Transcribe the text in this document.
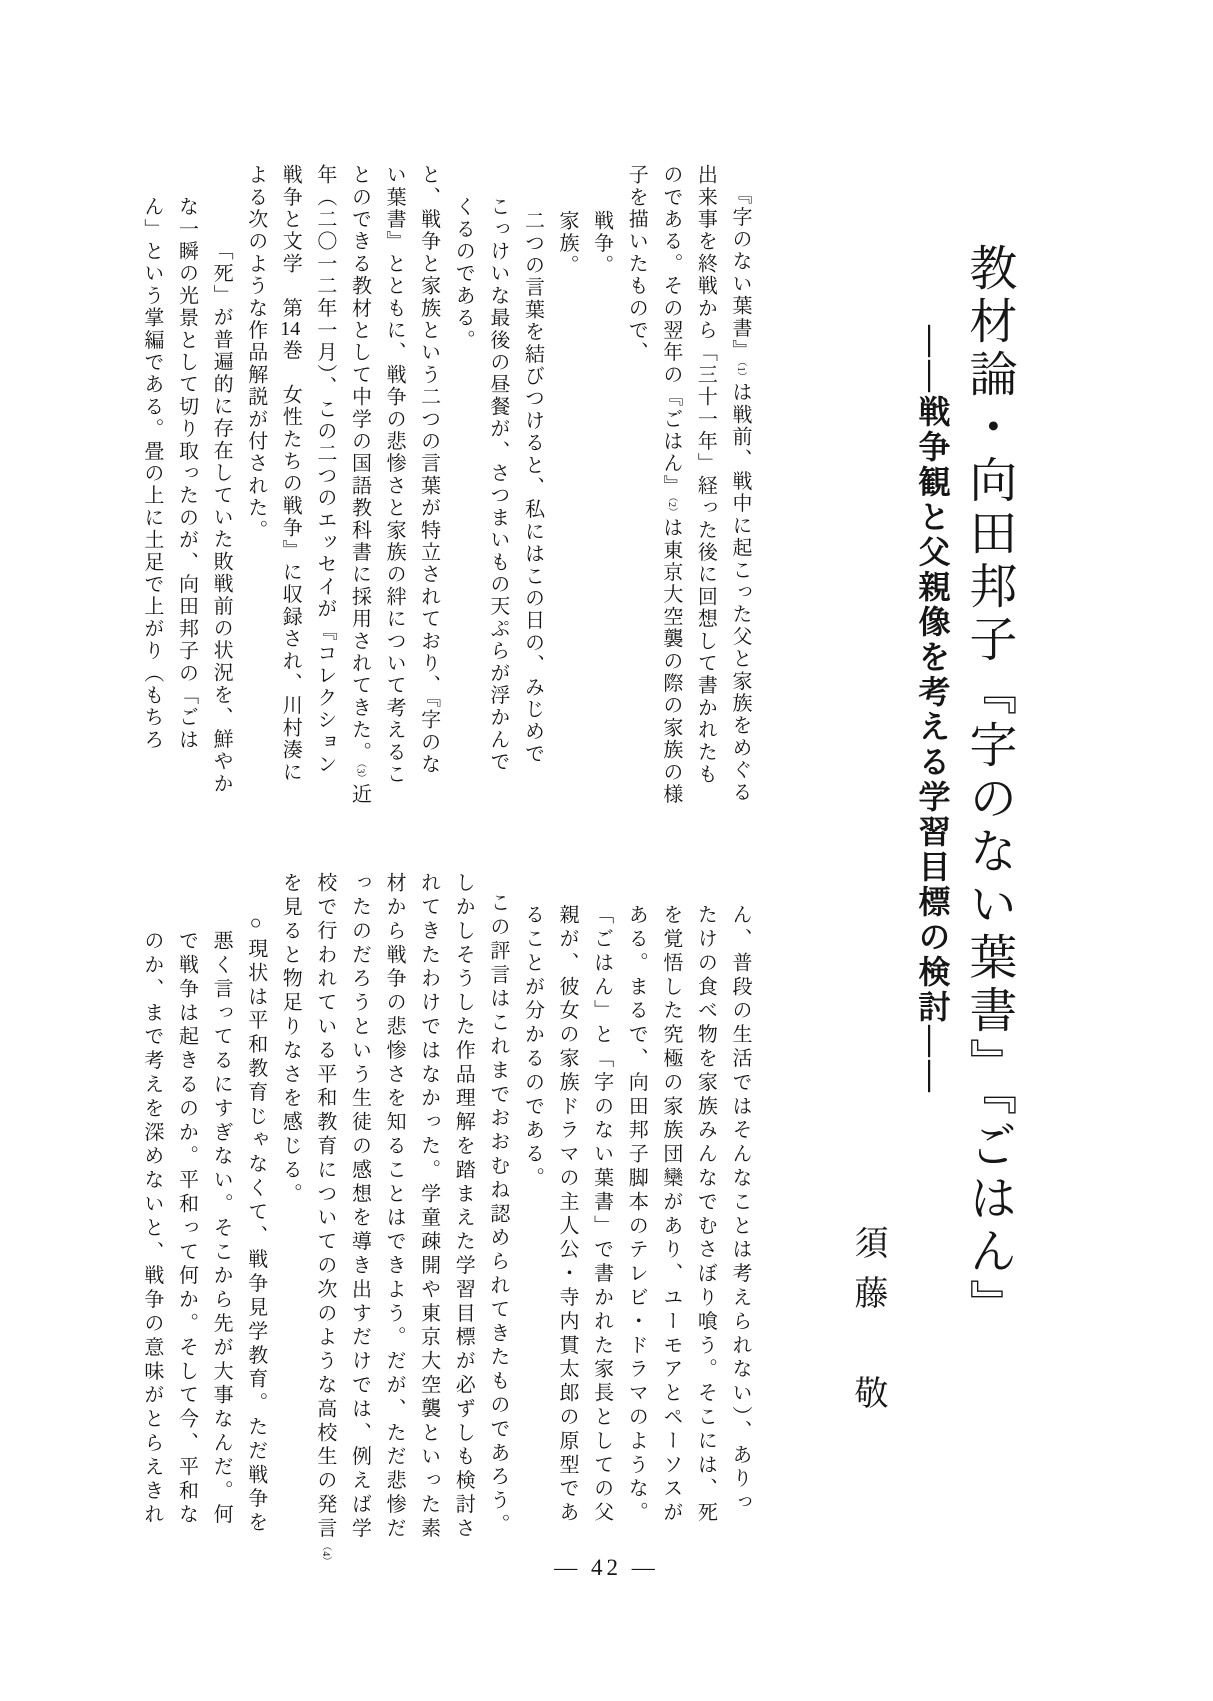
教材論・向田邦子『字のない葉書』『ごはん』
――戦争観と父親像を考える学習目標の検討――
須藤　敬

『字のない葉書』（1）は戦前、戦中に起こった父と家族をめぐる

出来事を終戦から「三十一年」経った後に回想して書かれたも

のである。その翌年の『ごはん』（2）は東京大空襲の際の家族の様

子を描いたもので、

戦争。

家族。

二つの言葉を結びつけると、私にはこの日の、みじめで

こっけいな最後の昼餐が、さつまいもの天ぷらが浮かんで

くるのである。

と、戦争と家族という二つの言葉が特立されており、『字のな

い葉書』とともに、戦争の悲惨さと家族の絆について考えるこ

とのできる教材として中学の国語教科書に採用されてきた。（3）近

年（二〇一二年一月）、この二つのエッセイが『コレクション

戦争と文学　第14巻　女性たちの戦争』に収録され、川村湊に

よる次のような作品解説が付された。

「死」が普遍的に存在していた敗戦前の状況を、鮮やか

な一瞬の光景として切り取ったのが、向田邦子の「ごは

ん」という掌編である。畳の上に土足で上がり（もちろ

ん、普段の生活ではそんなことは考えられない）、ありっ

たけの食べ物を家族みんなでむさぼり喰う。そこには、死

を覚悟した究極の家族団欒があり、ユーモアとペーソスが

ある。まるで、向田邦子脚本のテレビ・ドラマのような。

「ごはん」と「字のない葉書」で書かれた家長としての父

親が、彼女の家族ドラマの主人公・寺内貫太郎の原型であ

ることが分かるのである。

この評言はこれまでおおむね認められてきたものであろう。

しかしそうした作品理解を踏まえた学習目標が必ずしも検討さ

れてきたわけではなかった。学童疎開や東京大空襲といった素

材から戦争の悲惨さを知ることはできよう。だが、ただ悲惨だ

ったのだろうという生徒の感想を導き出すだけでは、例えば学

校で行われている平和教育についての次のような高校生の発言（4）

を見ると物足りなさを感じる。

○現状は平和教育じゃなくて、戦争見学教育。ただ戦争を

悪く言ってるにすぎない。そこから先が大事なんだ。何

で戦争は起きるのか。平和って何か。そして今、平和な

のか、まで考えを深めないと、戦争の意味がとらえきれ

― 42 ―
